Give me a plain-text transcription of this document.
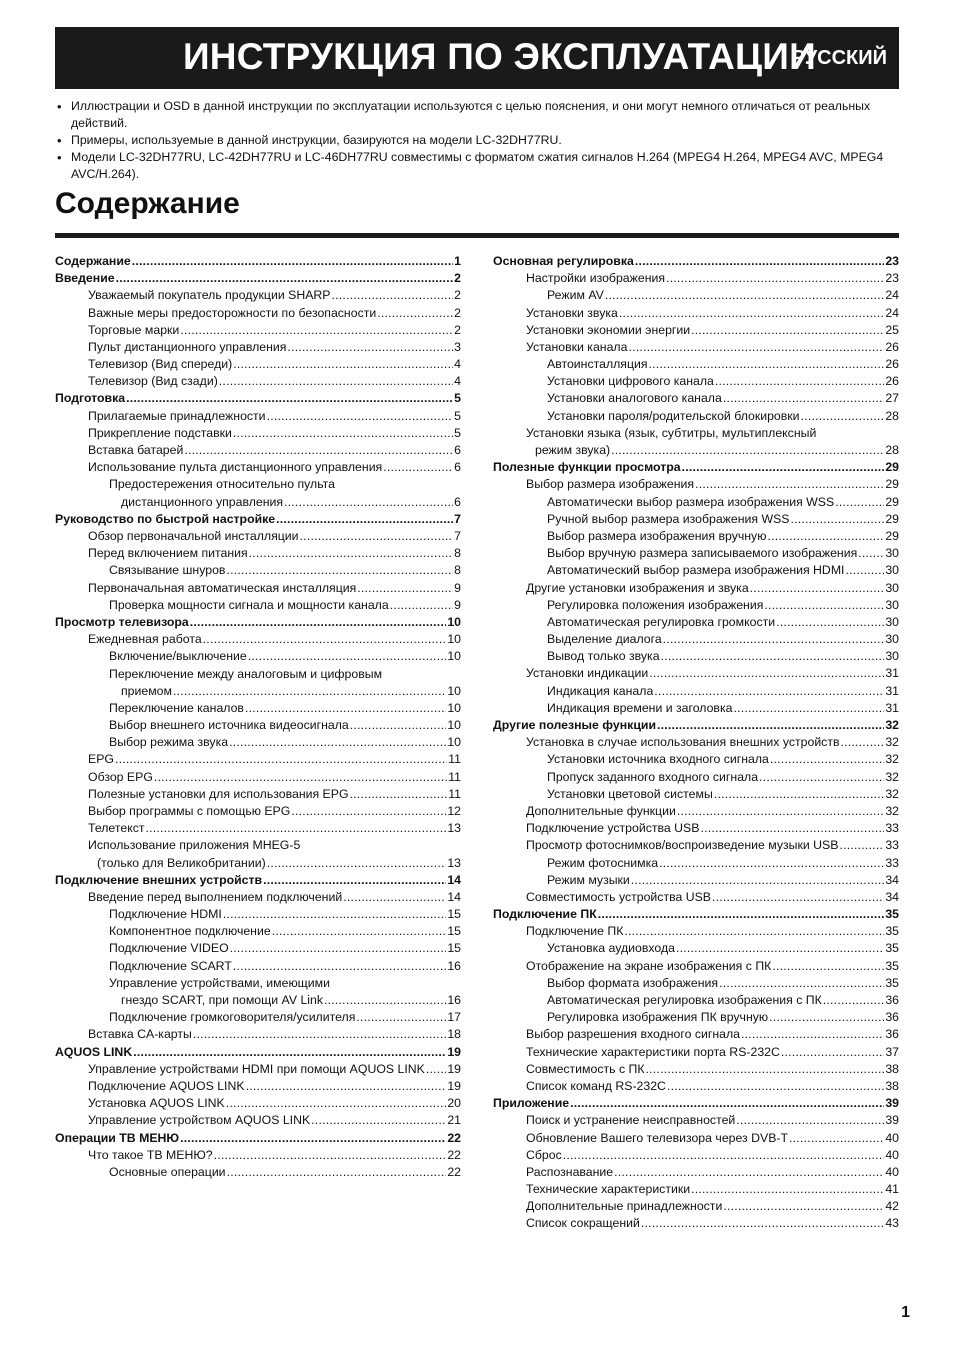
ИНСТРУКЦИЯ ПО ЭКСПЛУАТАЦИИ
РУССКИЙ
• Иллюстрации и OSD в данной инструкции по эксплуатации используются с целью пояснения, и они могут немного отличаться от реальных действий.
• Примеры, используемые в данной инструкции, базируются на модели LC-32DH77RU.
• Модели LC-32DH77RU, LC-42DH77RU и LC-46DH77RU совместимы с форматом сжатия сигналов H.264 (MPEG4 H.264, MPEG4 AVC, MPEG4 AVC/H.264).
Содержание
Содержание . . .	1
Введение . . .	2
Уважаемый покупатель продукции SHARP . . .	2
Важные меры предосторожности по безопасности . . .	2
Торговые марки . . .	2
Пульт дистанционного управления . . .	3
Телевизор (Вид спереди) . . .	4
Телевизор (Вид сзади) . . .	4
Подготовка . . .	5
Прилагаемые принадлежности . . .	5
Прикрепление подставки . . .	5
Вставка батарей . . .	6
Использование пульта дистанционного управления . . .	6
Предостережения относительно пульта
дистанционного управления . . .	6
Руководство по быстрой настройке . . .	7
Обзор первоначальной инсталляции . . .	7
Перед включением питания . . .	8
Связывание шнуров . . .	8
Первоначальная автоматическая инсталляция . . .	9
Проверка мощности сигнала и мощности канала . . .	9
Просмотр телевизора . . .	10
Ежедневная работа . . .	10
Включение/выключение . . .	10
Переключение между аналоговым и цифровым
приемом . . .	10
Переключение каналов . . .	10
Выбор внешнего источника видеосигнала . . .	10
Выбор режима звука . . .	10
EPG . . .	11
Обзор EPG . . .	11
Полезные установки для использования EPG . . .	11
Выбор программы с помощью EPG . . .	12
Телетекст . . .	13
Использование приложения MHEG-5
(только для Великобритании) . . .	13
Подключение внешних устройств . . .	14
Введение перед выполнением подключений . . .	14
Подключение HDMI . . .	15
Компонентное подключение . . .	15
Подключение VIDEO . . .	15
Подключение SCART . . .	16
Управление устройствами, имеющими
гнездо SCART, при помощи AV Link . . .	16
Подключение громкоговорителя/усилителя . . .	17
Вставка CA-карты . . .	18
AQUOS LINK . . .	19
Управление устройствами HDMI при помощи AQUOS LINK . . . 19
Подключение AQUOS LINK . . .	19
Установка AQUOS LINK . . .	20
Управление устройством AQUOS LINK . . .	21
Операции ТВ МЕНЮ . . .	22
Что такое ТВ МЕНЮ? . . .	22
Основные операции . . .	22
Основная регулировка . . .	23
Настройки изображения . . .	23
Режим AV . . .	24
Установки звука . . .	24
Установки экономии энергии . . .	25
Установки канала . . .	26
Автоинсталляция . . .	26
Установки цифрового канала . . .	26
Установки аналогового канала . . .	27
Установки пароля/родительской блокировки . . .	28
Установки языка (язык, субтитры, мультиплексный
режим звука) . . .	28
Полезные функции просмотра . . .	29
Выбор размера изображения . . .	29
Автоматически выбор размера изображения WSS . . .	29
Ручной выбор размера изображения WSS . . .	29
Выбор размера изображения вручную . . .	29
Выбор вручную размера записываемого изображения . . . 30
Автоматический выбор размера изображения HDMI . . .	30
Другие установки изображения и звука . . .	30
Регулировка положения изображения . . .	30
Автоматическая регулировка громкости . . .	30
Выделение диалога . . .	30
Вывод только звука . . .	30
Установки индикации . . .	31
Индикация канала . . .	31
Индикация времени и заголовка . . .	31
Другие полезные функции . . .	32
Установка в случае использования внешних устройств . . .	32
Установки источника входного сигнала . . .	32
Пропуск заданного входного сигнала . . .	32
Установки цветовой системы . . .	32
Дополнительные функции . . .	32
Подключение устройства USB . . .	33
Просмотр фотоснимков/воспроизведение музыки USB . . .	33
Режим фотоснимка . . .	33
Режим музыки . . .	34
Совместимость устройства USB . . .	34
Подключение ПК . . .	35
Подключение ПК . . .	35
Установка аудиовхода . . .	35
Отображение на экране изображения с ПК . . .	35
Выбор формата изображения . . .	35
Автоматическая регулировка изображения с ПК . . .	36
Регулировка изображения ПК вручную . . .	36
Выбор разрешения входного сигнала . . .	36
Технические характеристики порта RS-232C . . .	37
Совместимость с ПК . . .	38
Список команд RS-232C . . .	38
Приложение . . .	39
Поиск и устранение неисправностей . . .	39
Обновление Вашего телевизора через DVB-T . . .	40
Сброс . . .	40
Распознавание . . .	40
Технические характеристики . . .	41
Дополнительные принадлежности . . .	42
Список сокращений . . .	43
1
